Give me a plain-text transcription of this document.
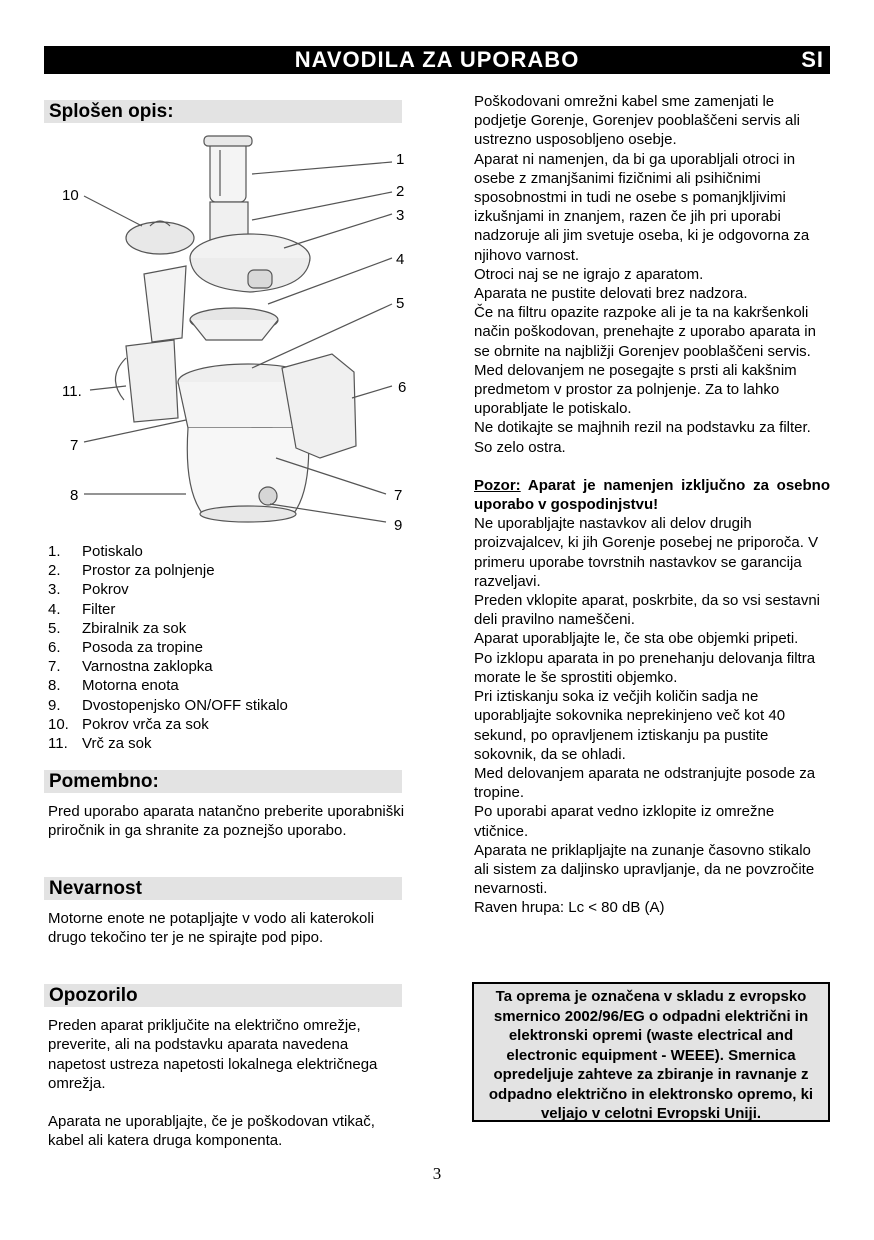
NAVODILA ZA UPORABO	SI
Splošen opis:
1
2
3
4
5
6
7
7
8
9
10
11.
1.	Potiskalo
2.	Prostor za polnjenje
3.	Pokrov
4.	Filter
5.	Zbiralnik za sok
6.	Posoda za tropine
7.	Varnostna zaklopka
8.	Motorna enota
9.	Dvostopenjsko ON/OFF stikalo
10. Pokrov vrča za sok
11. Vrč za sok
Pomembno:

Pred uporabo aparata natančno preberite uporabniški priročnik in ga shranite za poznejšo uporabo.

Nevarnost

Motorne enote ne potapljajte v vodo ali katerokoli drugo tekočino ter je ne spirajte pod pipo.

Opozorilo

Preden aparat priključite na električno omrežje, preverite, ali na podstavku aparata navedena napetost ustreza napetosti lokalnega električnega omrežja.

Aparata ne uporabljajte, če je poškodovan vtikač, kabel ali katera druga komponenta.

Poškodovani omrežni kabel sme zamenjati le podjetje Gorenje, Gorenjev pooblaščeni servis ali ustrezno usposobljeno osebje.

Aparat ni namenjen, da bi ga uporabljali otroci in osebe z zmanjšanimi fizičnimi ali psihičnimi sposobnostmi in tudi ne osebe s pomanjkljivimi izkušnjami in znanjem, razen če jih pri uporabi nadzoruje ali jim svetuje oseba, ki je odgovorna za njihovo varnost.

Otroci naj se ne igrajo z aparatom.

Aparata ne pustite delovati brez nadzora.

Če na filtru opazite razpoke ali je ta na kakršenkoli način poškodovan, prenehajte z uporabo aparata in se obrnite na najbližji Gorenjev pooblaščeni servis.

Med delovanjem ne posegajte s prsti ali kakšnim predmetom v prostor za polnjenje. Za to lahko uporabljate le potiskalo.

Ne dotikajte se majhnih rezil na podstavku za filter. So zelo ostra.

Pozor: Aparat je namenjen izključno za osebno uporabo v gospodinjstvu!

Ne uporabljajte nastavkov ali delov drugih proizvajalcev, ki jih Gorenje posebej ne priporoča. V primeru uporabe tovrstnih nastavkov se garancija razveljavi.

Preden vklopite aparat, poskrbite, da so vsi sestavni deli pravilno nameščeni.

Aparat uporabljajte le, če sta obe objemki pripeti.

Po izklopu aparata in po prenehanju delovanja filtra morate le še sprostiti objemko.

Pri iztiskanju soka iz večjih količin sadja ne uporabljajte sokovnika neprekinjeno več kot 40 sekund, po opravljenem iztiskanju pa pustite sokovnik, da se ohladi.

Med delovanjem aparata ne odstranjujte posode za tropine.

Po uporabi aparat vedno izklopite iz omrežne vtičnice.

Aparata ne priklapljajte na zunanje časovno stikalo ali sistem za daljinsko upravljanje, da ne povzročite nevarnosti.

Raven hrupa: Lc < 80 dB (A)

Ta oprema je označena v skladu z evropsko smernico 2002/96/EG o odpadni električni in elektronski opremi (waste electrical and electronic equipment - WEEE). Smernica opredeljuje zahteve za zbiranje in ravnanje z odpadno električno in elektronsko opremo, ki veljajo v celotni Evropski Uniji.
3
